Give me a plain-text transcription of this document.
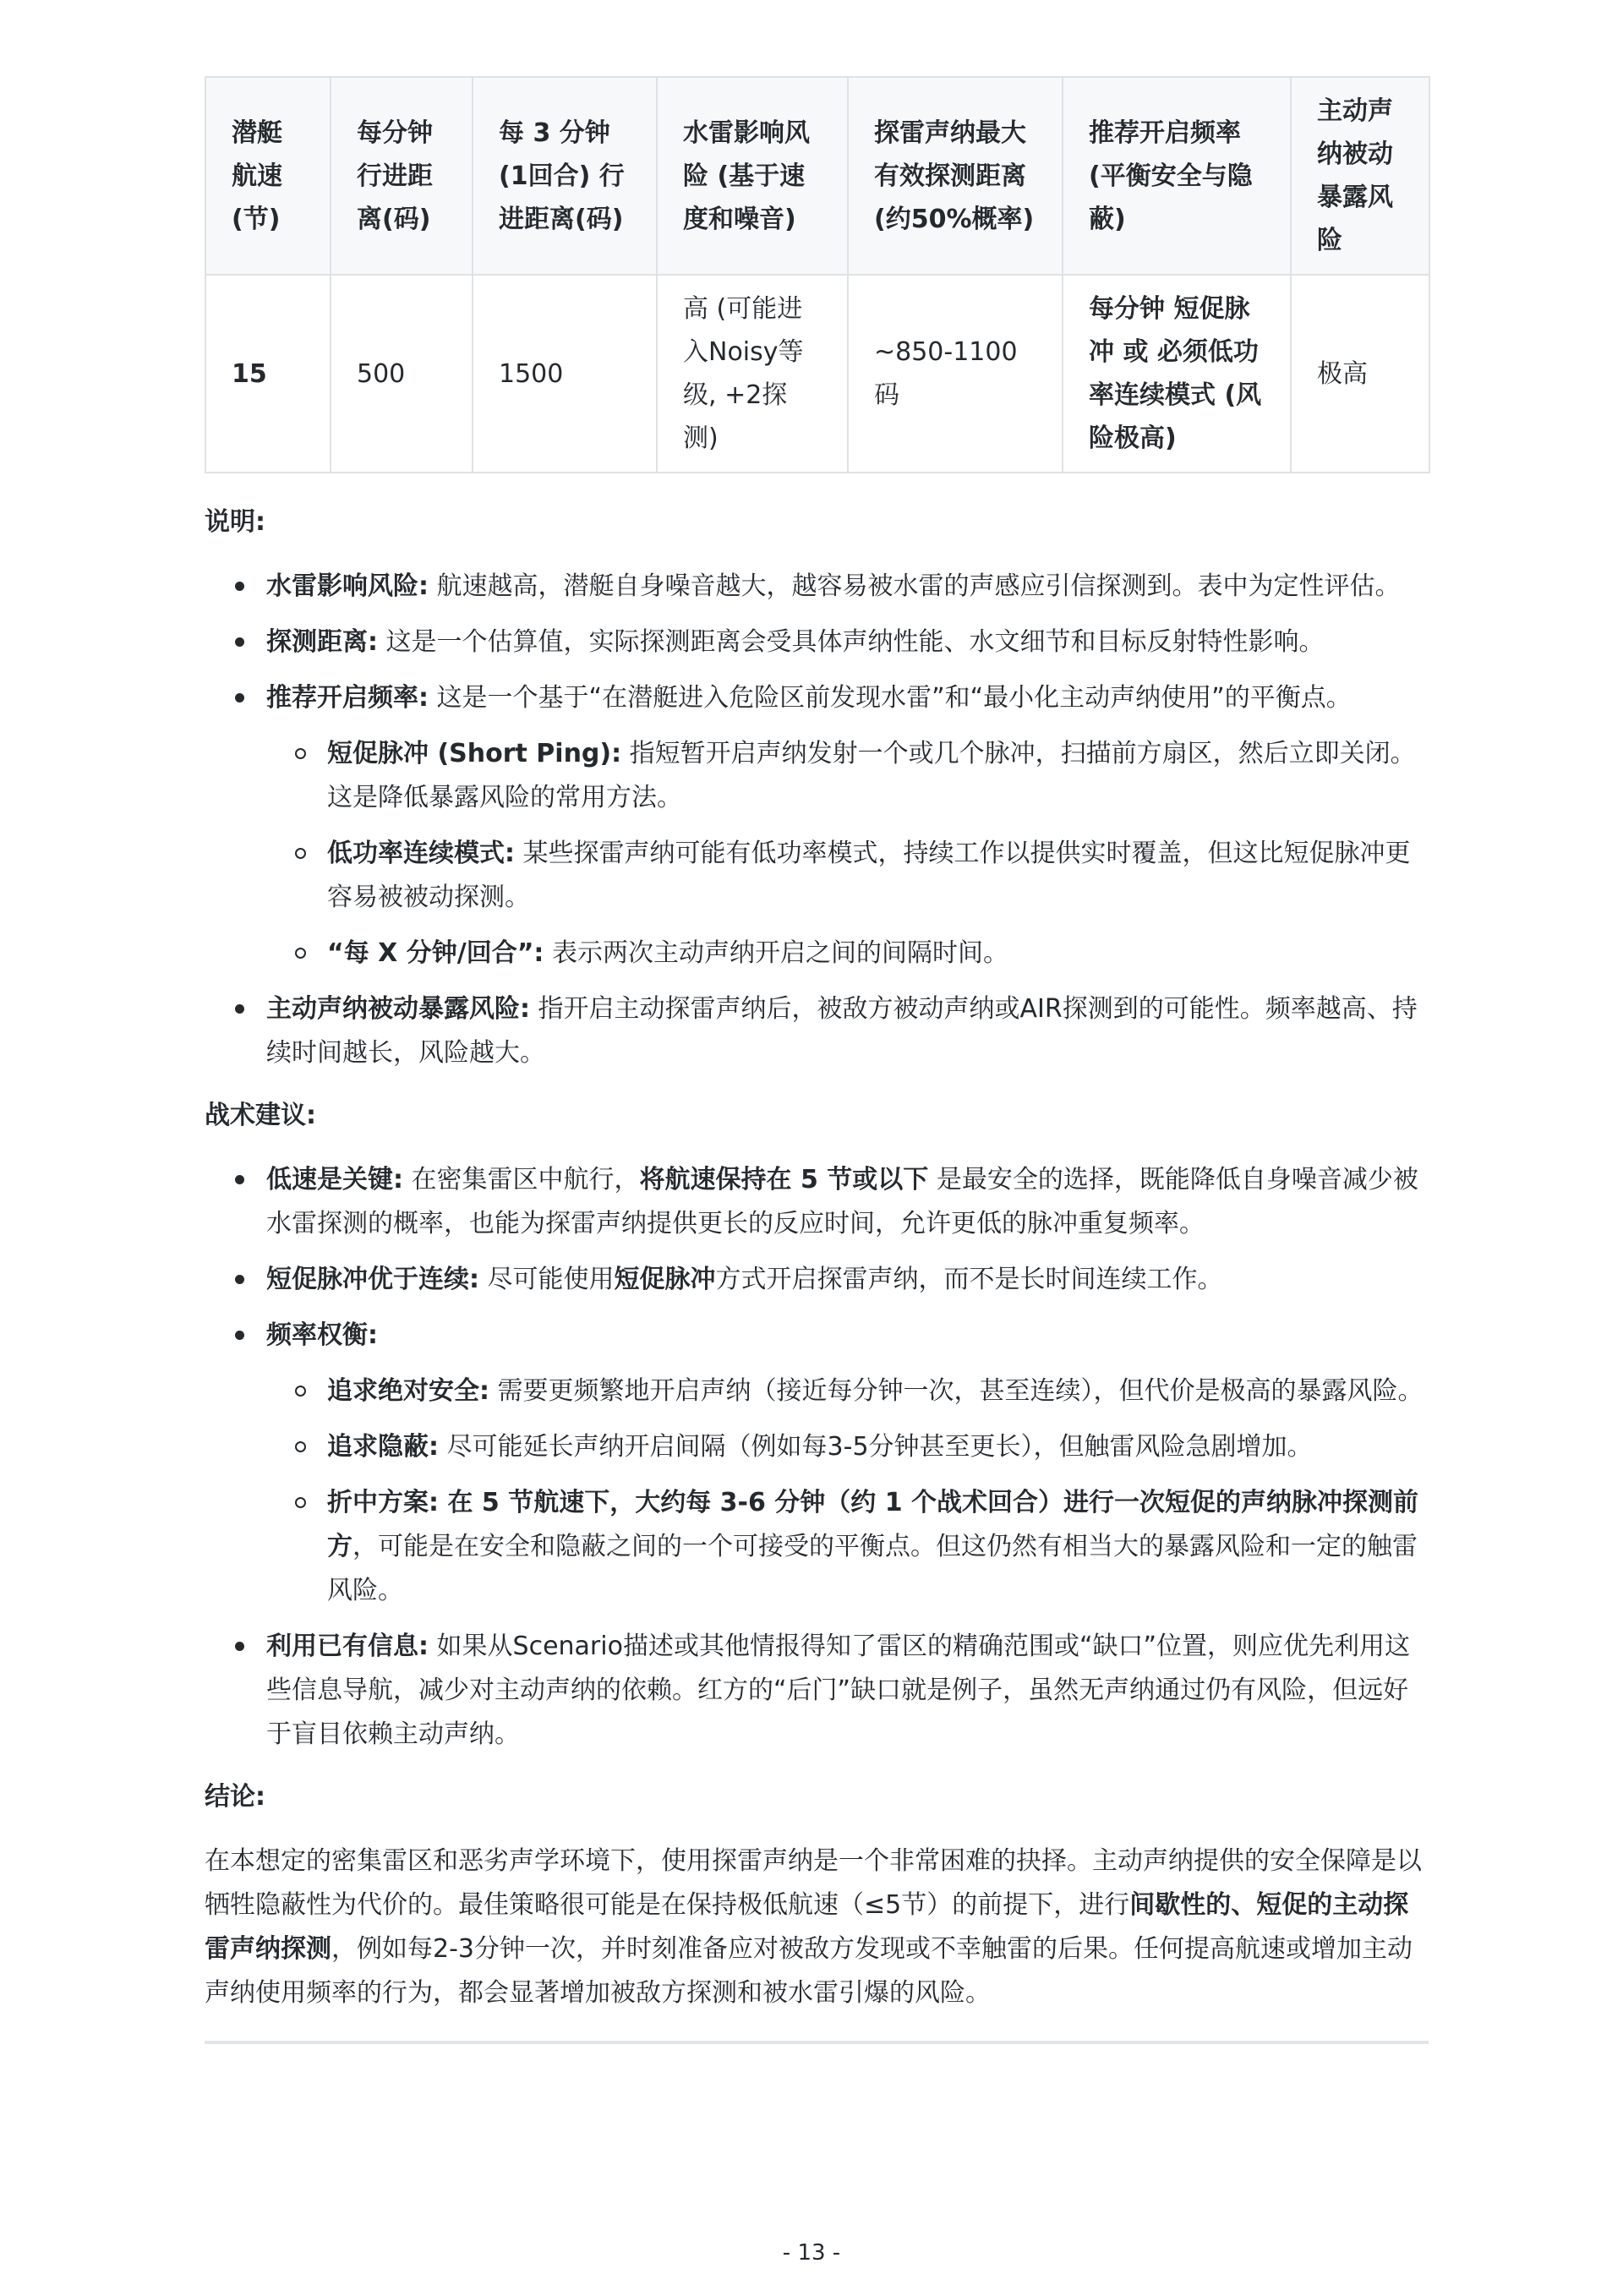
潜艇航速(节)	每分钟行进距离(码)	每 3 分钟(1回合) 行进距离(码)	水雷影响风险 (基于速度和噪音)	探雷声纳最大有效探测距离 (约50%概率)	推荐开启频率 (平衡安全与隐蔽)	主动声纳被动暴露风险
15	500	1500	高 (可能进入Noisy等级, +2探测)	~850-1100码	每分钟 短促脉冲 或 必须低功率连续模式 (风险极高)	极高

说明:

水雷影响风险: 航速越高，潜艇自身噪音越大，越容易被水雷的声感应引信探测到。表中为定性评估。
探测距离: 这是一个估算值，实际探测距离会受具体声纳性能、水文细节和目标反射特性影响。
推荐开启频率: 这是一个基于“在潜艇进入危险区前发现水雷”和“最小化主动声纳使用”的平衡点。
短促脉冲 (Short Ping): 指短暂开启声纳发射一个或几个脉冲，扫描前方扇区，然后立即关闭。这是降低暴露风险的常用方法。
低功率连续模式: 某些探雷声纳可能有低功率模式，持续工作以提供实时覆盖，但这比短促脉冲更容易被被动探测。
“每 X 分钟/回合”: 表示两次主动声纳开启之间的间隔时间。
主动声纳被动暴露风险: 指开启主动探雷声纳后，被敌方被动声纳或AIR探测到的可能性。频率越高、持续时间越长，风险越大。

战术建议:

低速是关键: 在密集雷区中航行，将航速保持在 5 节或以下 是最安全的选择，既能降低自身噪音减少被水雷探测的概率，也能为探雷声纳提供更长的反应时间，允许更低的脉冲重复频率。
短促脉冲优于连续: 尽可能使用短促脉冲方式开启探雷声纳，而不是长时间连续工作。
频率权衡:
追求绝对安全: 需要更频繁地开启声纳（接近每分钟一次，甚至连续），但代价是极高的暴露风险。
追求隐蔽: 尽可能延长声纳开启间隔（例如每3-5分钟甚至更长），但触雷风险急剧增加。
折中方案: 在 5 节航速下，大约每 3-6 分钟（约 1 个战术回合）进行一次短促的声纳脉冲探测前方，可能是在安全和隐蔽之间的一个可接受的平衡点。但这仍然有相当大的暴露风险和一定的触雷风险。
利用已有信息: 如果从Scenario描述或其他情报得知了雷区的精确范围或“缺口”位置，则应优先利用这些信息导航，减少对主动声纳的依赖。红方的“后门”缺口就是例子，虽然无声纳通过仍有风险，但远好于盲目依赖主动声纳。

结论:

在本想定的密集雷区和恶劣声学环境下，使用探雷声纳是一个非常困难的抉择。主动声纳提供的安全保障是以牺牲隐蔽性为代价的。最佳策略很可能是在保持极低航速（≤5节）的前提下，进行间歇性的、短促的主动探雷声纳探测，例如每2-3分钟一次，并时刻准备应对被敌方发现或不幸触雷的后果。任何提高航速或增加主动声纳使用频率的行为，都会显著增加被敌方探测和被水雷引爆的风险。

- 13 -
